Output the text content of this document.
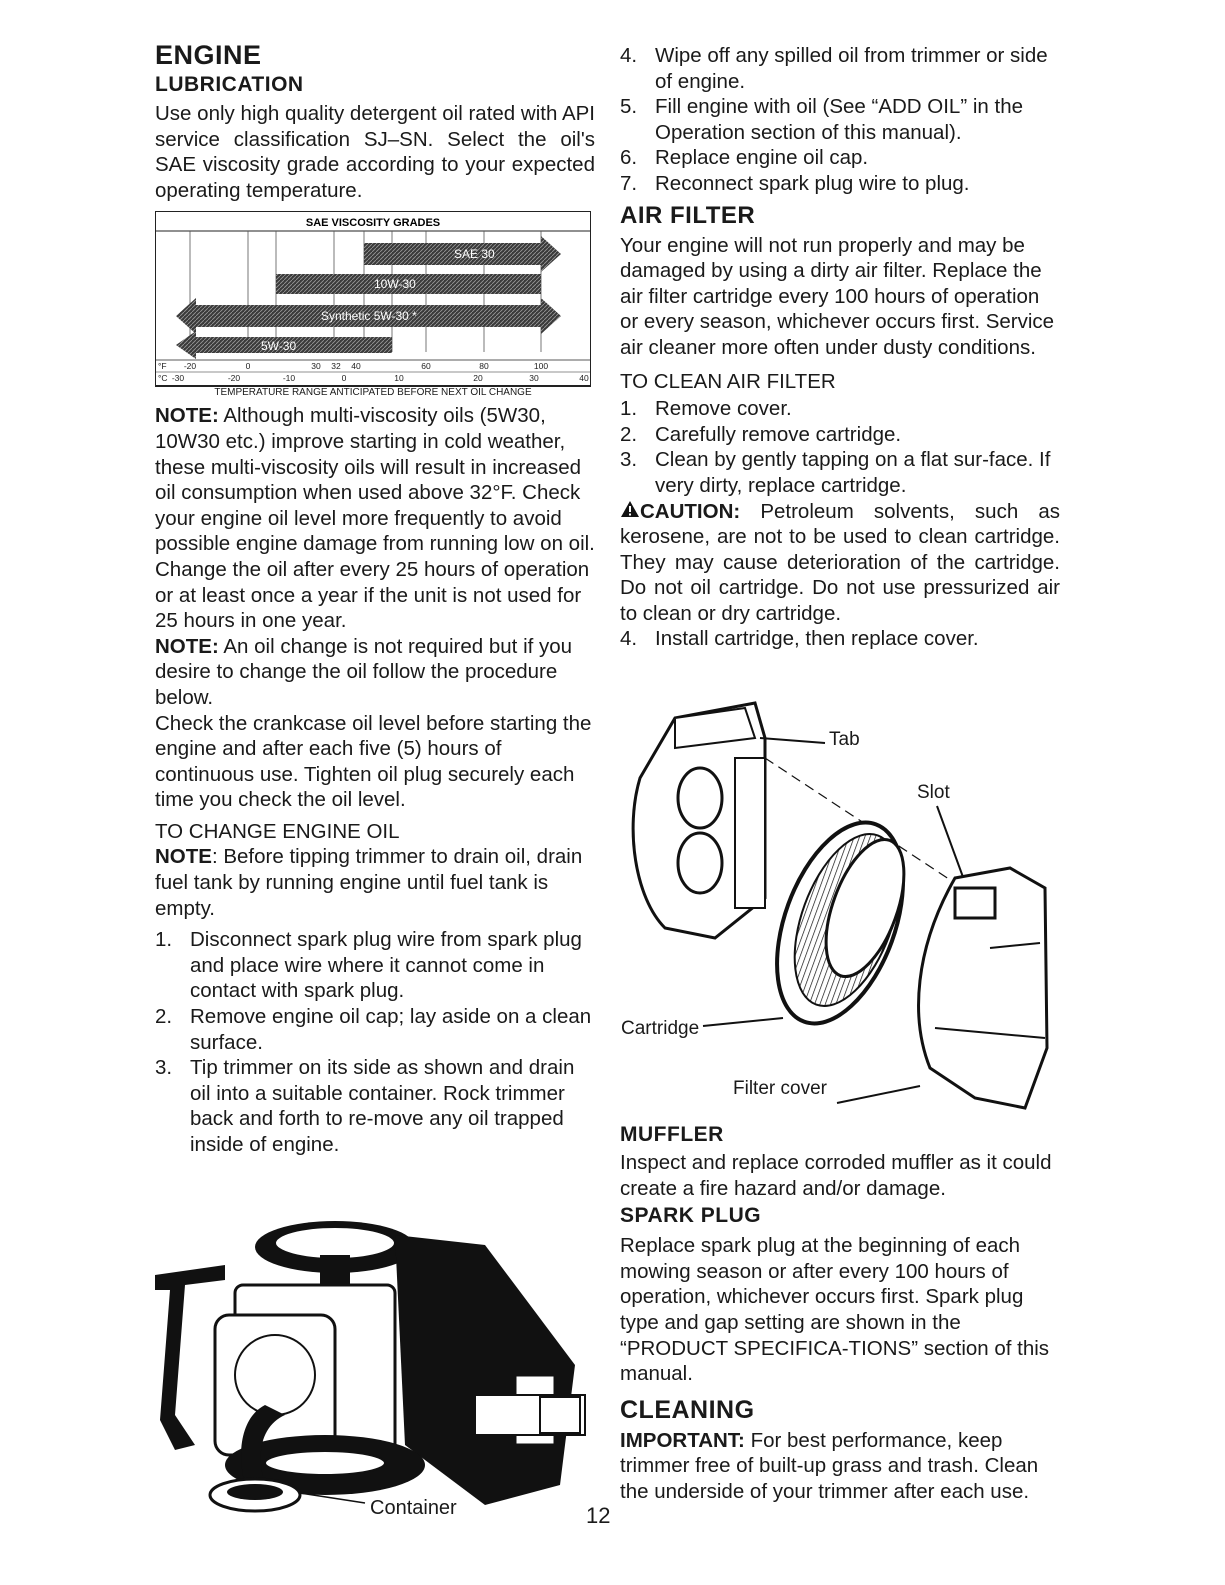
ENGINE
LUBRICATION

Use only high quality detergent oil rated with API service classification SJ–SN. Select the oil's SAE viscosity grade according to your expected operating temperature.

SAE VISCOSITY GRADES
SAE 30
10W-30
Synthetic 5W-30 *
5W-30
°F -20	0	30 32 40	60	80	100
°C -30	-20	-10	0	10	20	30	40
TEMPERATURE RANGE ANTICIPATED BEFORE NEXT OIL CHANGE

NOTE: Although multi-viscosity oils (5W30, 10W30 etc.) improve starting in cold weather, these multi-viscosity oils will result in increased oil consumption when used above 32°F. Check your engine oil level more frequently to avoid possible engine damage from running low on oil. Change the oil after every 25 hours of operation or at least once a year if the unit is not used for 25 hours in one year.

NOTE: An oil change is not required but if you desire to change the oil follow the procedure below.

Check the crankcase oil level before starting the engine and after each five (5) hours of continuous use. Tighten oil plug securely each time you check the oil level.

TO CHANGE ENGINE OIL

NOTE: Before tipping trimmer to drain oil, drain fuel tank by running engine until fuel tank is empty.

1. Disconnect spark plug wire from spark plug and place wire where it cannot come in contact with spark plug.
2. Remove engine oil cap; lay aside on a clean surface.
3. Tip trimmer on its side as shown and drain oil into a suitable container. Rock trimmer back and forth to re-move any oil trapped inside of engine.
Container
4. Wipe off any spilled oil from trimmer or side of engine.
5. Fill engine with oil (See “ADD OIL” in the Operation section of this manual).
6. Replace engine oil cap.
7. Reconnect spark plug wire to plug.
AIR FILTER

Your engine will not run properly and may be damaged by using a dirty air filter. Replace the air filter cartridge every 100 hours of operation or every season, whichever occurs first. Service air cleaner more often under dusty conditions.

TO CLEAN AIR FILTER

1. Remove cover.
2. Carefully remove cartridge.
3. Clean by gently tapping on a flat sur-face. If very dirty, replace cartridge.

CAUTION: Petroleum solvents, such as kerosene, are not to be used to clean cartridge. They may cause deterioration of the cartridge. Do not oil cartridge. Do not use pressurized air to clean or dry cartridge.

4. Install cartridge, then replace cover.
Tab
Cartridge
Slot
Filter cover
MUFFLER

Inspect and replace corroded muffler as it could create a fire hazard and/or damage.

SPARK PLUG

Replace spark plug at the beginning of each mowing season or after every 100 hours of operation, whichever occurs first. Spark plug type and gap setting are shown in the “PRODUCT SPECIFICA-TIONS” section of this manual.

CLEANING

IMPORTANT: For best performance, keep trimmer free of built-up grass and trash. Clean the underside of your trimmer after each use.

12
